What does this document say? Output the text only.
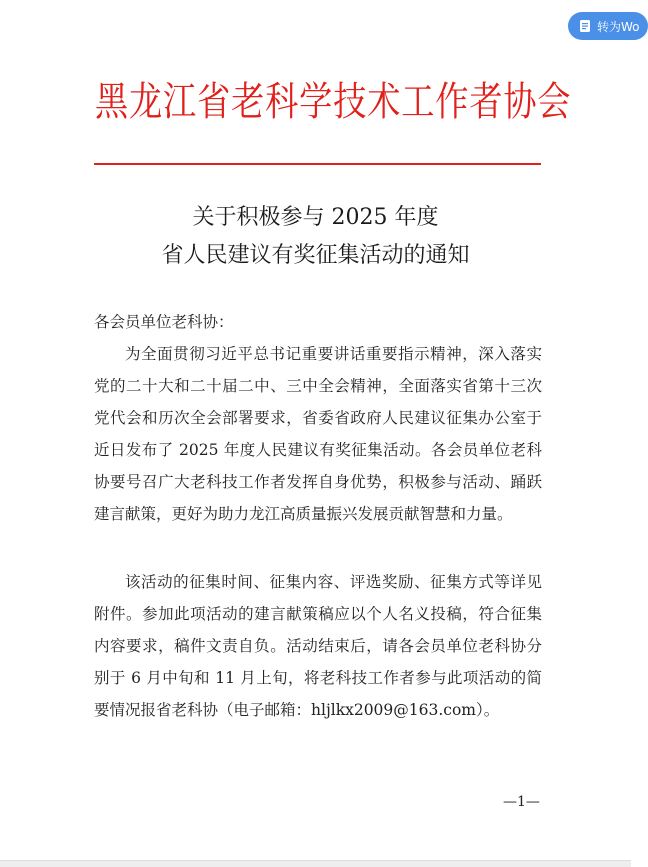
转为Wo
黑龙江省老科学技术工作者协会
关于积极参与 2025 年度
省人民建议有奖征集活动的通知
各会员单位老科协：

为全面贯彻习近平总书记重要讲话重要指示精神，深入落实党的二十大和二十届二中、三中全会精神，全面落实省第十三次党代会和历次全会部署要求，省委省政府人民建议征集办公室于近日发布了 2025 年度人民建议有奖征集活动。各会员单位老科协要号召广大老科技工作者发挥自身优势，积极参与活动、踊跃建言献策，更好为助力龙江高质量振兴发展贡献智慧和力量。

该活动的征集时间、征集内容、评选奖励、征集方式等详见附件。参加此项活动的建言献策稿应以个人名义投稿，符合征集内容要求，稿件文责自负。活动结束后，请各会员单位老科协分别于 6 月中旬和 11 月上旬，将老科技工作者参与此项活动的简要情况报省老科协（电子邮箱：hljlkx2009@163.com）。

—1—
